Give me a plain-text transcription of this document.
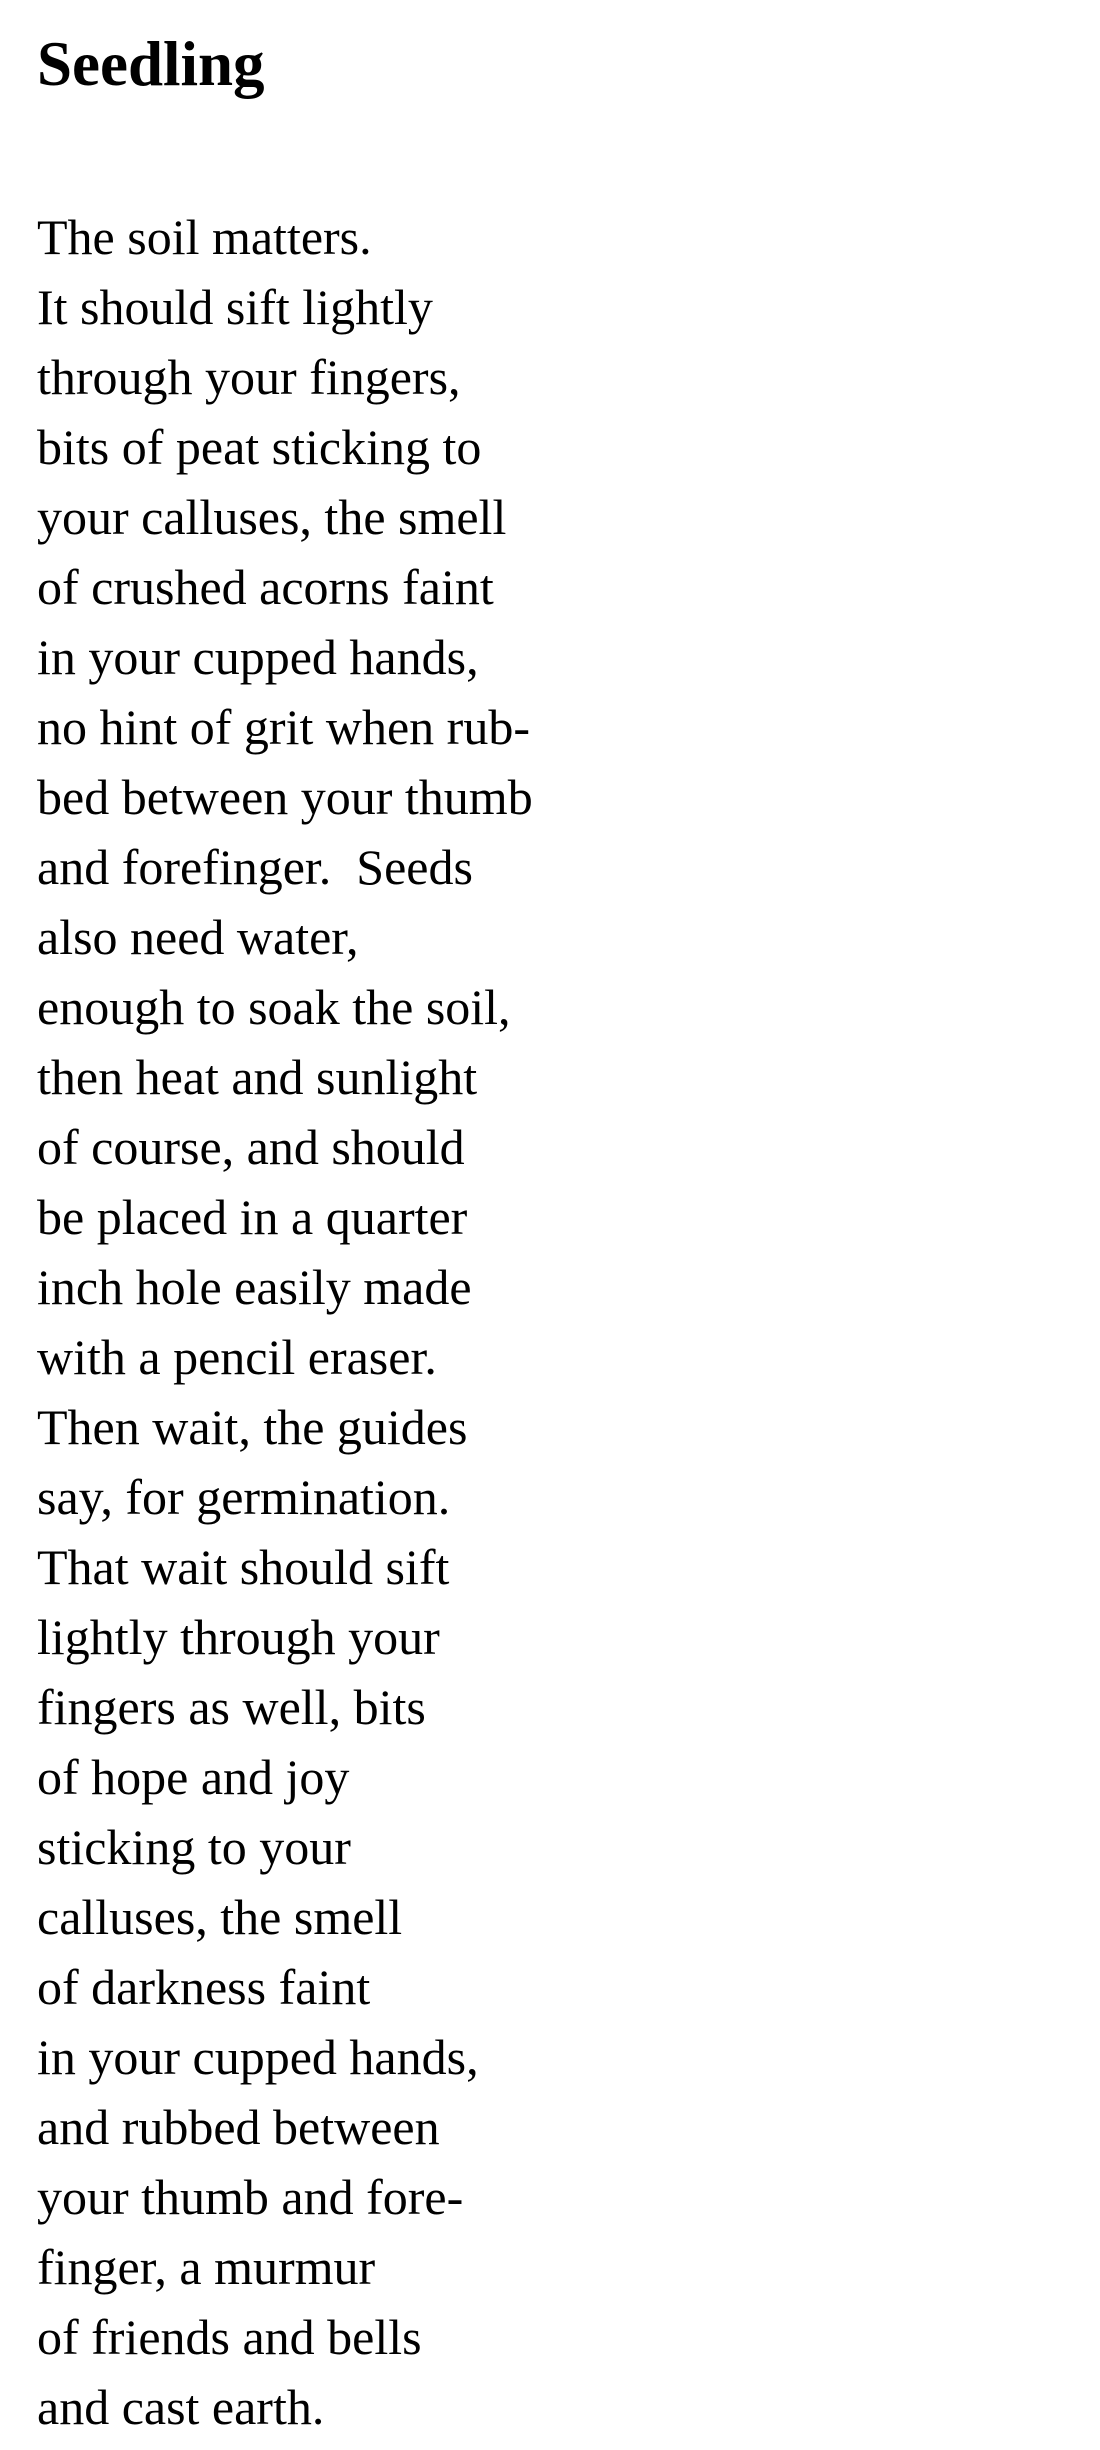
Seedling
The soil matters.
It should sift lightly
through your fingers,
bits of peat sticking to
your calluses, the smell
of crushed acorns faint
in your cupped hands,
no hint of grit when rub-
bed between your thumb
and forefinger.  Seeds
also need water,
enough to soak the soil,
then heat and sunlight
of course, and should
be placed in a quarter
inch hole easily made
with a pencil eraser.
Then wait, the guides
say, for germination.
That wait should sift
lightly through your
fingers as well, bits
of hope and joy
sticking to your
calluses, the smell
of darkness faint
in your cupped hands,
and rubbed between
your thumb and fore-
finger, a murmur
of friends and bells
and cast earth.
